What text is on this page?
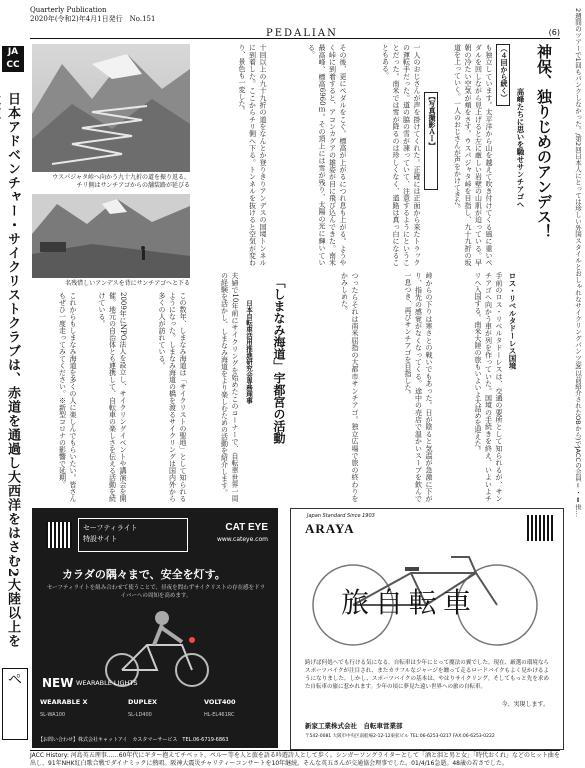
Quarterly Publication
2020年(令和2)年4月1日発行　No.151
PEDALIAN	(6)
JA CC
日本アドベンチャー・サイクリストクラブは、赤道を通過し大西洋をはさむ2大陸以上を
ペ
2週間のツアーで1回もパンクしなかった。/第2回日本人にとっては珍しい外国スタイルとおしゃれなサイクリングパンツ姿(以前紹介されたOBから)でJACCの会員Ⅰ・Ⅱ世…
ウスパジャタ峠へ向かう九十九折の道を振り返る。
チリ側はサンチアゴからの舗装路が延びる
名残惜しいアンデスを背にサンチアゴへと下る
神保、独りじめのアンデス！
高峰たちに思いを馳せサンチアゴへ
（４回から続く）
も独立しています。太平洋から山を越えて吹き付けてくる風に重いペダルを回しながら見上げると左に厳しい岩壁の山肌が迫っている。早朝の冷たい空気が頬をさす。ウスパジャタ峠を目指し、九十九折の坂道を上っていく。一人のおじさんが声をかけてきた。
【写真撮影ＡＩ】
一人のおじさんが声を掛けてくれた。正確には正面から来たトラックの運転手だった。道の脇の雪が凍っていて、注意するようにということだった。南米では雪が降るのは珍しくなく、道路は真っ白になることもある。
その後、更にペダルをこぐ。標高が上がるにつれ息も上がる。ようやく峠に到着すると、アコンカグアの雄姿が目に飛び込んできた。南米最高峰、標高6960ｍ。その頂上には雪が残り、太陽の光に輝いている。
十回以上の九十九折の道をなんとか登りきりアンデスの国境トンネルに到着した。ここからチリ側へ下る。トンネルを抜けると空気が変わり、景色も一変した。
ロス・リベルタドーレス国境
手前のロス・リベルタドーレスは、交通の要所として知られるが、サンチアゴへ向かう車が列を作っていた。国境の手続きを終え、いよいよチリへ入国する。南米大陸の旅もいよいよ大詰めを迎えた。
峠からの下りは寒さとの戦いでもあった。日が陰ると気温が急激に下がり、指先の感覚がなくなってくる。途中の売店で温かいスープを飲んで一息つき、再びサンチアゴを目指した。
つったらそれは南米屈指の大都市サンチアゴ。独立広場で旅の終わりをかみしめた。
「しまなみ海道」宇都宮の活動
日本自転車活用推進研究会専務理事
夫婦で10年前にサイクリングを始めたこのコーナーで、自転車世界一周の経験を活かし、しまなみ海道をより楽しむための活動を紹介します。
この数年、しまなみ海道は「サイクリストの聖地」として知られるようになった。しまなみ海道の橋を渡るサイクリングは国内外から多くの人が訪れている。
2009年にNPO法人を設立し、サイクリングイベントや講演会を開催。地元の自治体とも連携して、自転車の楽しさを伝える活動を続けている。
これからもしまなみ海道を多くの人に楽しんでもらいたい。皆さんもぜひ一度走ってみてください。※新型コロナの影響で延期。
セーフティライト
特設サイト
CAT EYE
www.cateye.com
カラダの隅々まで、安全を灯す。
セーフティライトを組み合わせて使うことで、昼夜を問わずサイクリストの存在感をドライバーへの周知を高めます。
NEW WEARABLE LIGHTS
WEARABLE X	DUPLEX	VOLT400
SL-WA100	SL-LD400	HL-EL461RC
【お問い合わせ】株式会社キャットアイ　カスタマーサービス　TEL.06-6719-6863
Japan Standard Since 1903
ARAYA
旅自転車
跨げば何処へでも行ける気になる。自転車は少年にとって魔法の翼でした。現在、厳選の環境ならスポーツバイクが注目され、またカラフルなジャージを纏って走るロードバイクもよく見かけるようになりました。しかし、スポーツバイクの基本は、やはりサイクリング。そしてもっと先を求めた自転車の旅に惹かれます。少年の頃に夢見た遠い世界への旅の自転車。
今、実現します。
新家工業株式会社　自転車営業部
〒542-0081 大阪市中央区南船場2-12-12東拡ビル TEL:06-6253-0217 FAX:06-6253-0222
JACC History: 河島英五理事……60年代にギター抱えてチベット、ペルー等を人と旅を語る吟遊詩人として歩く。シンガーソングライターとして「酒と泪と男と女」「時代おくれ」などのヒット曲を出し、91年NHK紅白歌合戦でダイナミックに熱唱。阪神大震災チャリティーコンサートを10年継続。そんな英五さんが交通協会理事でした。01/4/16急逝。48歳の若さでした。
